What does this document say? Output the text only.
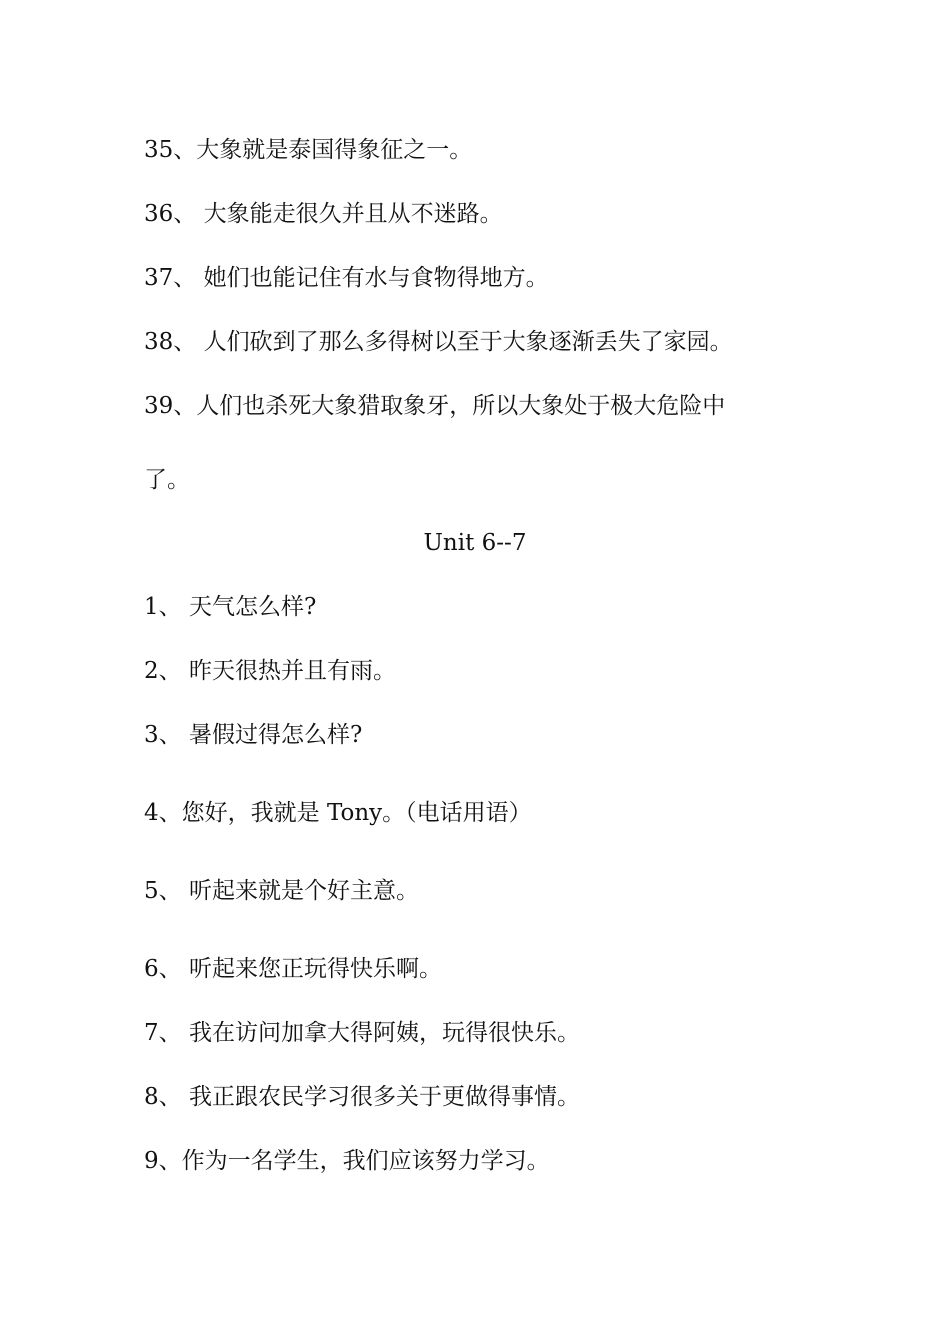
35、大象就是泰国得象征之一。
36、 大象能走很久并且从不迷路。
37、 她们也能记住有水与食物得地方。
38、 人们砍到了那么多得树以至于大象逐渐丢失了家园。
39、人们也杀死大象猎取象牙，所以大象处于极大危险中
了。
Unit 6--7
1、 天气怎么样?
2、 昨天很热并且有雨。
3、 暑假过得怎么样?
4、您好，我就是 Tony。（电话用语）
5、 听起来就是个好主意。
6、 听起来您正玩得快乐啊。
7、 我在访问加拿大得阿姨，玩得很快乐。
8、 我正跟农民学习很多关于更做得事情。
9、作为一名学生，我们应该努力学习。
